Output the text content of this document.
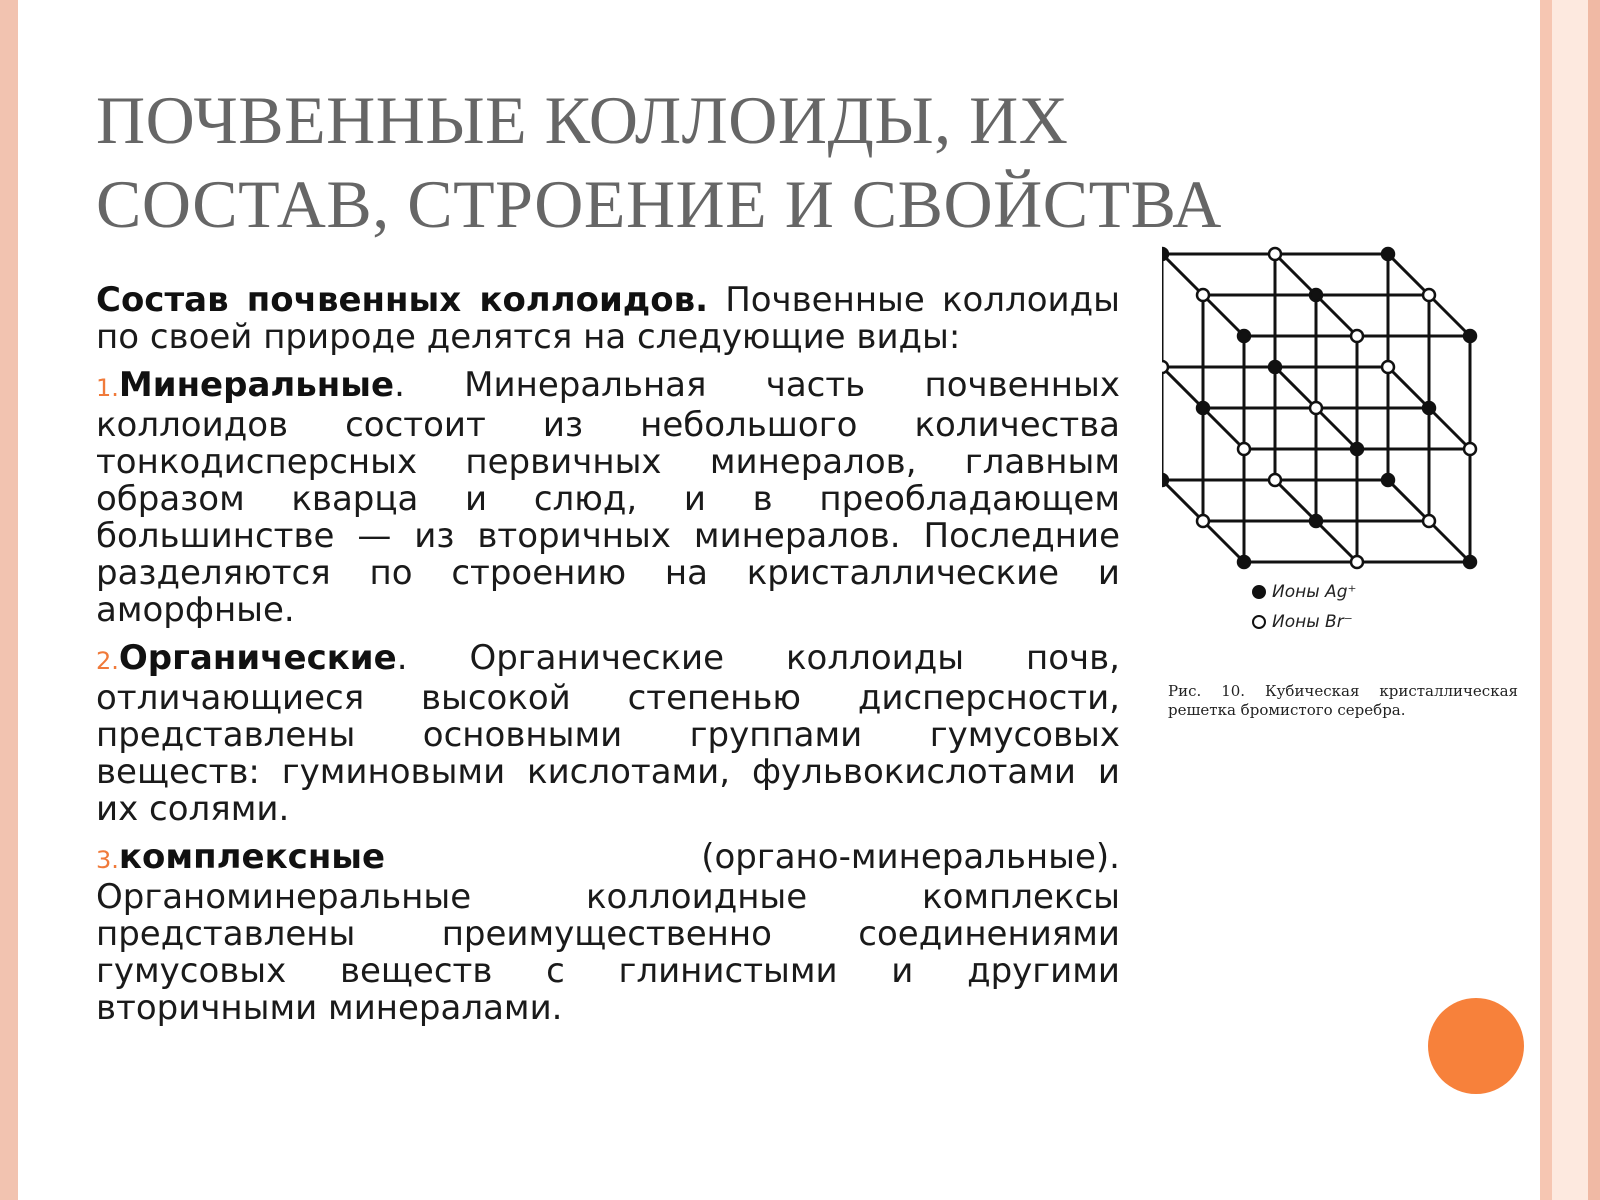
ПОЧВЕННЫЕ КОЛЛОИДЫ, ИХ
СОСТАВ, СТРОЕНИЕ И СВОЙСТВА

Состав почвенных коллоидов. Почвенные коллоиды по своей природе делятся на следующие виды:

1.Минеральные. Минеральная часть почвенных коллоидов состоит из небольшого количества тонкодисперсных первичных минералов, главным образом кварца и слюд, и в преобладающем большинстве — из вторичных минералов. Последние разделяются по строению на кристаллические и аморфные.

2.Органические. Органические коллоиды почв, отличающиеся высокой степенью дисперсности, представлены основными группами гумусовых веществ: гуминовыми кислотами, фульвокислотами и их солями.

3.комплексные (органо-минеральные). Органоминеральные коллоидные комплексы представлены преимущественно соединениями гумусовых веществ с глинистыми и другими вторичными минералами.

Ионы Ag⁺
Ионы Br⁻
Рис. 10. Кубическая кристаллическая решетка бромистого серебра.
